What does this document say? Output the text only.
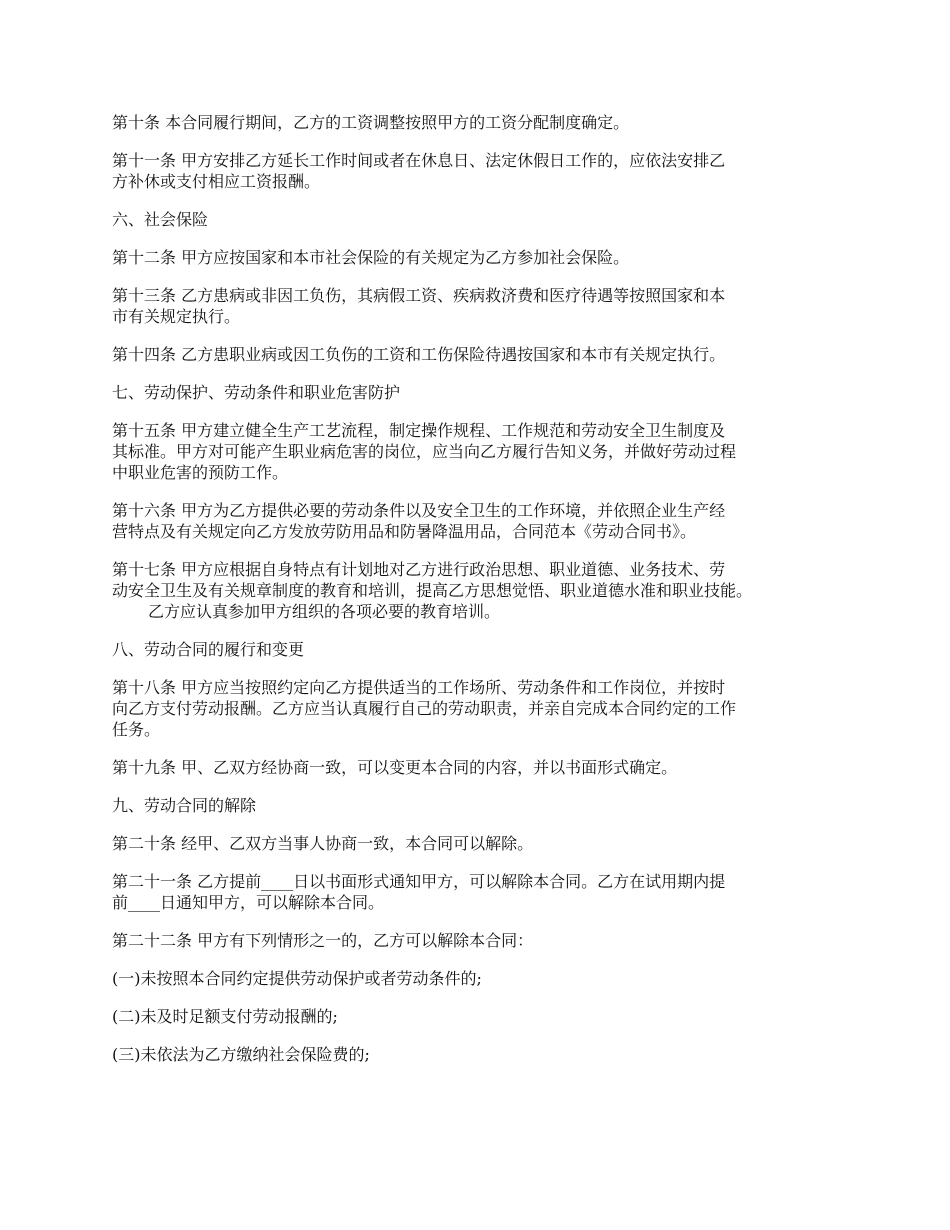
第十条 本合同履行期间，乙方的工资调整按照甲方的工资分配制度确定。

第十一条 甲方安排乙方延长工作时间或者在休息日、法定休假日工作的，应依法安排乙
方补休或支付相应工资报酬。

六、社会保险

第十二条 甲方应按国家和本市社会保险的有关规定为乙方参加社会保险。

第十三条 乙方患病或非因工负伤，其病假工资、疾病救济费和医疗待遇等按照国家和本
市有关规定执行。

第十四条 乙方患职业病或因工负伤的工资和工伤保险待遇按国家和本市有关规定执行。

七、劳动保护、劳动条件和职业危害防护

第十五条 甲方建立健全生产工艺流程，制定操作规程、工作规范和劳动安全卫生制度及
其标准。甲方对可能产生职业病危害的岗位，应当向乙方履行告知义务，并做好劳动过程
中职业危害的预防工作。

第十六条 甲方为乙方提供必要的劳动条件以及安全卫生的工作环境，并依照企业生产经
营特点及有关规定向乙方发放劳防用品和防暑降温用品，合同范本《劳动合同书》。

第十七条 甲方应根据自身特点有计划地对乙方进行政治思想、职业道德、业务技术、劳
动安全卫生及有关规章制度的教育和培训，提高乙方思想觉悟、职业道德水准和职业技能。
乙方应认真参加甲方组织的各项必要的教育培训。

八、劳动合同的履行和变更

第十八条 甲方应当按照约定向乙方提供适当的工作场所、劳动条件和工作岗位，并按时
向乙方支付劳动报酬。乙方应当认真履行自己的劳动职责，并亲自完成本合同约定的工作
任务。

第十九条 甲、乙双方经协商一致，可以变更本合同的内容，并以书面形式确定。

九、劳动合同的解除

第二十条 经甲、乙双方当事人协商一致，本合同可以解除。

第二十一条 乙方提前____日以书面形式通知甲方，可以解除本合同。乙方在试用期内提
前____日通知甲方，可以解除本合同。

第二十二条 甲方有下列情形之一的，乙方可以解除本合同：

(一)未按照本合同约定提供劳动保护或者劳动条件的;

(二)未及时足额支付劳动报酬的;

(三)未依法为乙方缴纳社会保险费的;
